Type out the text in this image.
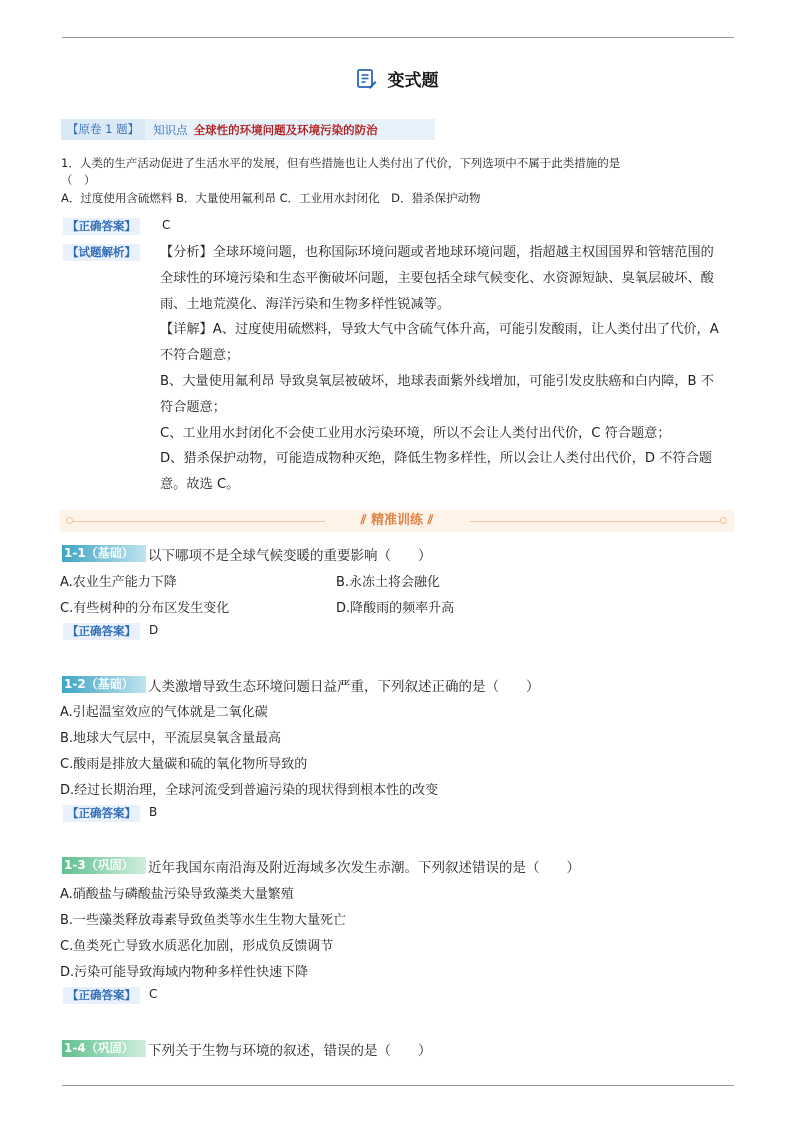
变式题
【原卷 1 题】	知识点 全球性的环境问题及环境污染的防治
1．人类的生产活动促进了生活水平的发展，但有些措施也让人类付出了代价，下列选项中不属于此类措施的是（　）
A．过度使用含硫燃料 B．大量使用氟利昂 C．工业用水封闭化　D．猎杀保护动物
【正确答案】	C
【试题解析】	【分析】全球环境问题，也称国际环境问题或者地球环境问题，指超越主权国国界和管辖范围的全球性的环境污染和生态平衡破坏问题，主要包括全球气候变化、水资源短缺、臭氧层破坏、酸雨、土地荒漠化、海洋污染和生物多样性锐减等。

【详解】A、过度使用硫燃料，导致大气中含硫气体升高，可能引发酸雨，让人类付出了代价，A 不符合题意；

B、大量使用氟利昂 导致臭氧层被破坏，地球表面紫外线增加，可能引发皮肤癌和白内障，B 不符合题意；

C、工业用水封闭化不会使工业用水污染环境，所以不会让人类付出代价，C 符合题意；

D、猎杀保护动物，可能造成物种灭绝，降低生物多样性，所以会让人类付出代价，D 不符合题意。故选 C。

⫽ 精准训练 ⫽
1-1（基础）	以下哪项不是全球气候变暖的重要影响（　　）
A.农业生产能力下降	B.永冻土将会融化
C.有些树种的分布区发生变化	D.降酸雨的频率升高
【正确答案】	D
1-2（基础）	人类激增导致生态环境问题日益严重，下列叙述正确的是（　　）
A.引起温室效应的气体就是二氧化碳
B.地球大气层中，平流层臭氧含量最高
C.酸雨是排放大量碳和硫的氧化物所导致的
D.经过长期治理，全球河流受到普遍污染的现状得到根本性的改变
【正确答案】	B
1-3（巩固）	近年我国东南沿海及附近海域多次发生赤潮。下列叙述错误的是（　　）
A.硝酸盐与磷酸盐污染导致藻类大量繁殖
B.一些藻类释放毒素导致鱼类等水生生物大量死亡
C.鱼类死亡导致水质恶化加剧，形成负反馈调节
D.污染可能导致海域内物种多样性快速下降
【正确答案】	C
1-4（巩固）	下列关于生物与环境的叙述，错误的是（　　）
